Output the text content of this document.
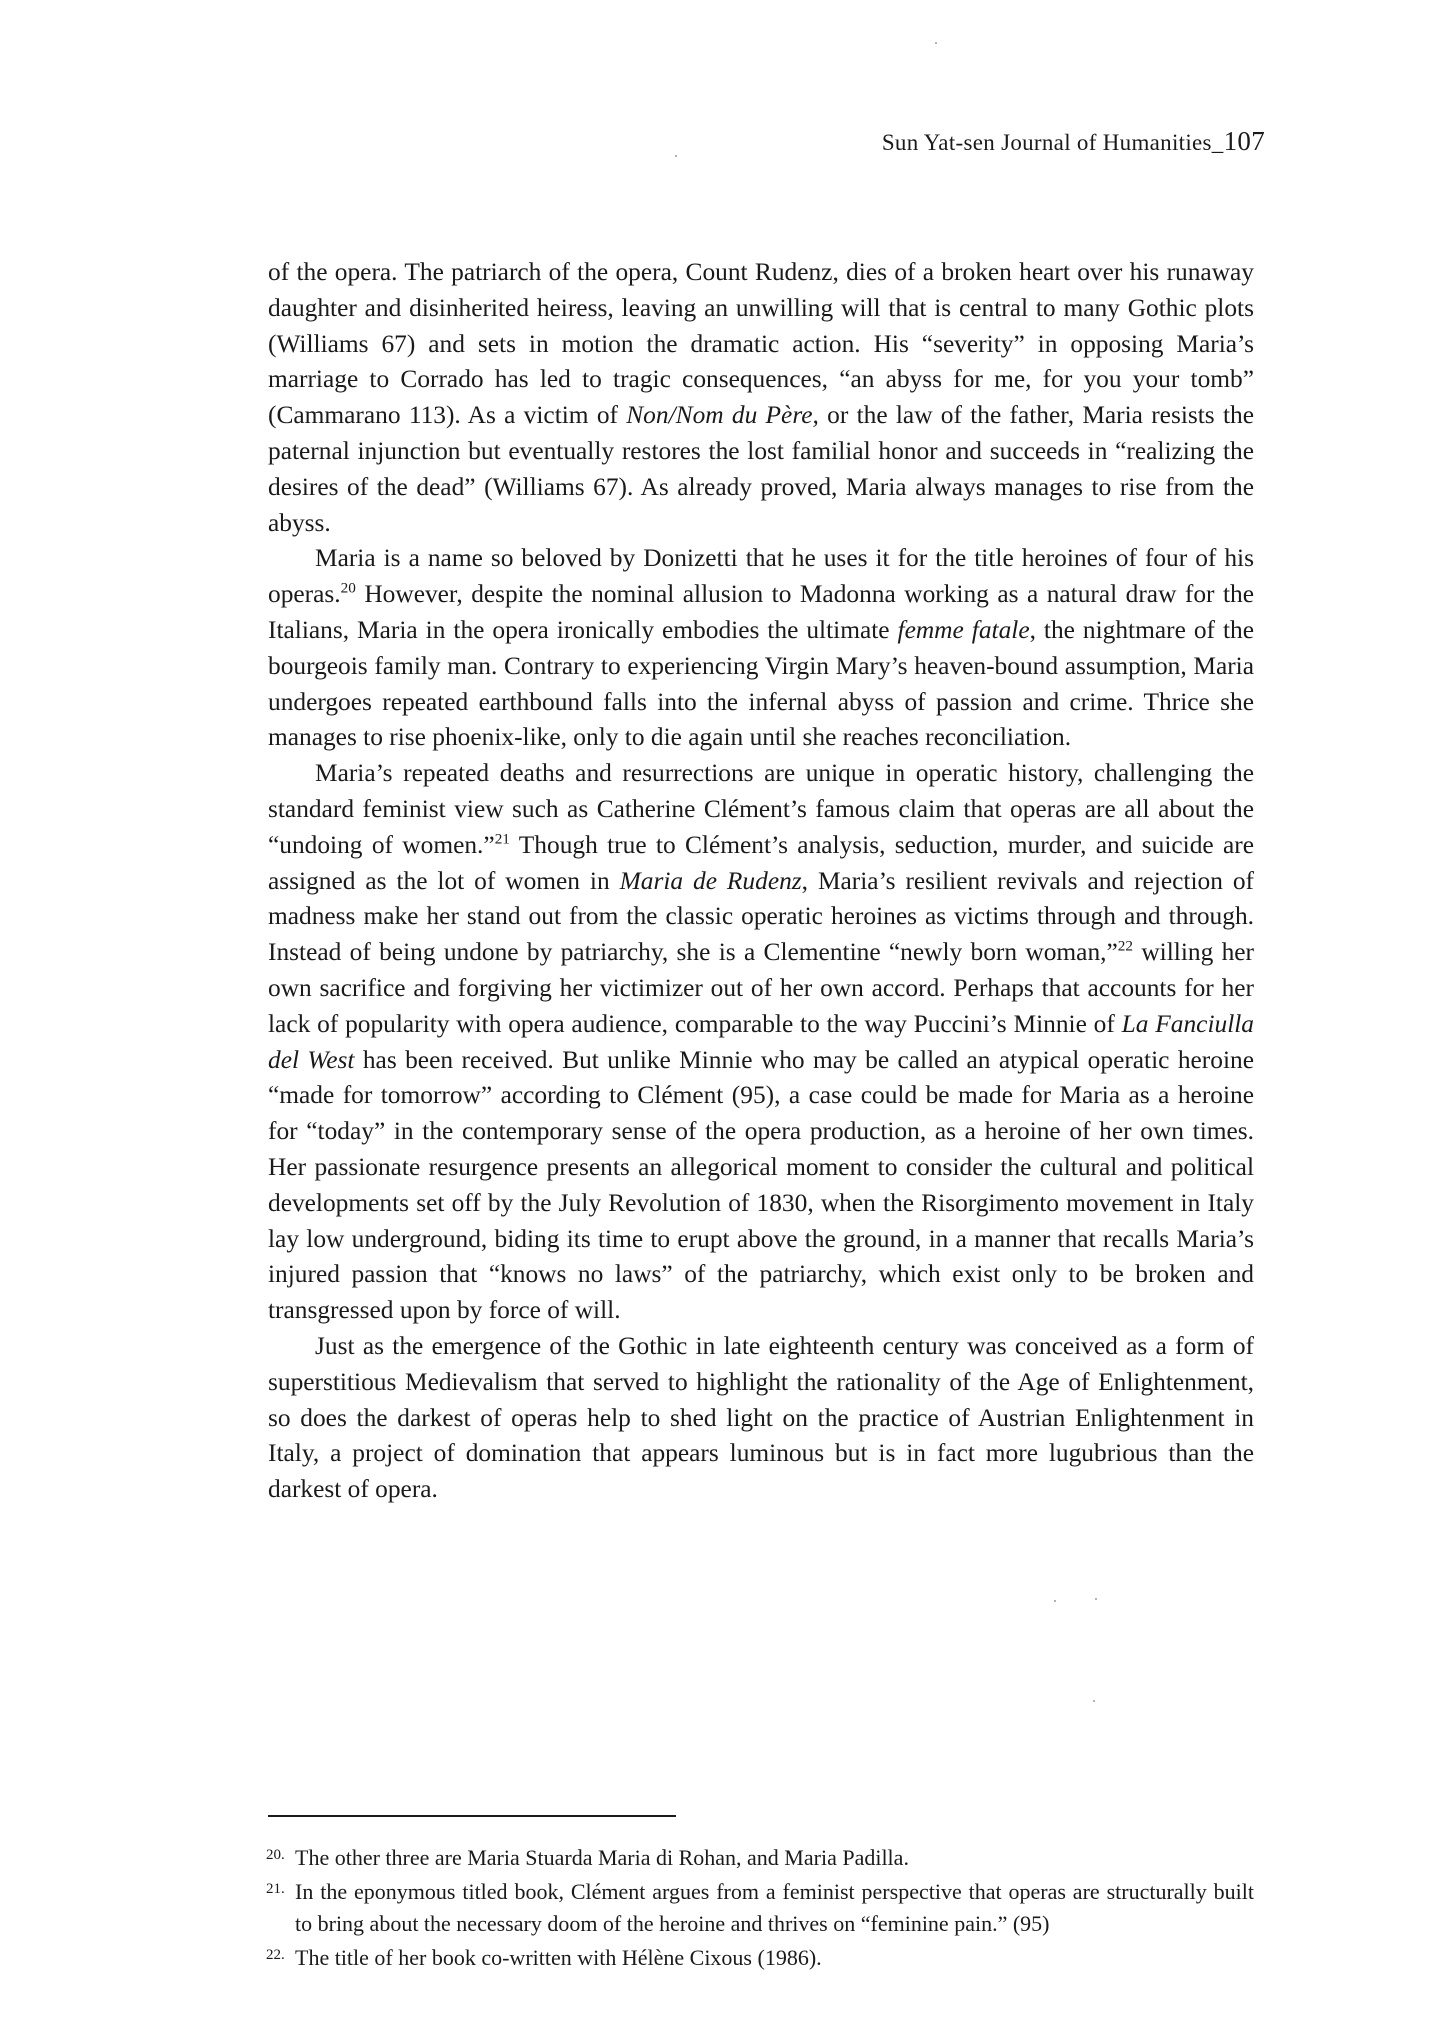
Sun Yat-sen Journal of Humanities_107

of the opera. The patriarch of the opera, Count Rudenz, dies of a broken heart over his runaway daughter and disinherited heiress, leaving an unwilling will that is central to many Gothic plots (Williams 67) and sets in motion the dramatic action. His “severity” in opposing Maria’s marriage to Corrado has led to tragic consequences, “an abyss for me, for you your tomb” (Cammarano 113). As a victim of Non/Nom du Père, or the law of the father, Maria resists the paternal injunction but eventually restores the lost familial honor and succeeds in “realizing the desires of the dead” (Williams 67). As already proved, Maria always manages to rise from the abyss.

Maria is a name so beloved by Donizetti that he uses it for the title heroines of four of his operas.$^{20}$ However, despite the nominal allusion to Madonna working as a natural draw for the Italians, Maria in the opera ironically embodies the ultimate femme fatale, the nightmare of the bourgeois family man. Contrary to experiencing Virgin Mary’s heaven-bound assumption, Maria undergoes repeated earthbound falls into the infernal abyss of passion and crime. Thrice she manages to rise phoenix-like, only to die again until she reaches reconciliation.

Maria’s repeated deaths and resurrections are unique in operatic history, challenging the standard feminist view such as Catherine Clément’s famous claim that operas are all about the “undoing of women.”$^{21}$ Though true to Clément’s analysis, seduction, murder, and suicide are assigned as the lot of women in Maria de Rudenz, Maria’s resilient revivals and rejection of madness make her stand out from the classic operatic heroines as victims through and through. Instead of being undone by patriarchy, she is a Clementine “newly born woman,”$^{22}$ willing her own sacrifice and forgiving her victimizer out of her own accord. Perhaps that accounts for her lack of popularity with opera audience, comparable to the way Puccini’s Minnie of La Fanciulla del West has been received. But unlike Minnie who may be called an atypical operatic heroine “made for tomorrow” according to Clément (95), a case could be made for Maria as a heroine for “today” in the contemporary sense of the opera production, as a heroine of her own times. Her passionate resurgence presents an allegorical moment to consider the cultural and political developments set off by the July Revolution of 1830, when the Risorgimento movement in Italy lay low underground, biding its time to erupt above the ground, in a manner that recalls Maria’s injured passion that “knows no laws” of the patriarchy, which exist only to be broken and transgressed upon by force of will.

Just as the emergence of the Gothic in late eighteenth century was conceived as a form of superstitious Medievalism that served to highlight the rationality of the Age of Enlightenment, so does the darkest of operas help to shed light on the practice of Austrian Enlightenment in Italy, a project of domination that appears luminous but is in fact more lugubrious than the darkest of opera.

20. The other three are Maria Stuarda Maria di Rohan, and Maria Padilla.

21. In the eponymous titled book, Clément argues from a feminist perspective that operas are structurally built to bring about the necessary doom of the heroine and thrives on “feminine pain.” (95)

22. The title of her book co-written with Hélène Cixous (1986).
